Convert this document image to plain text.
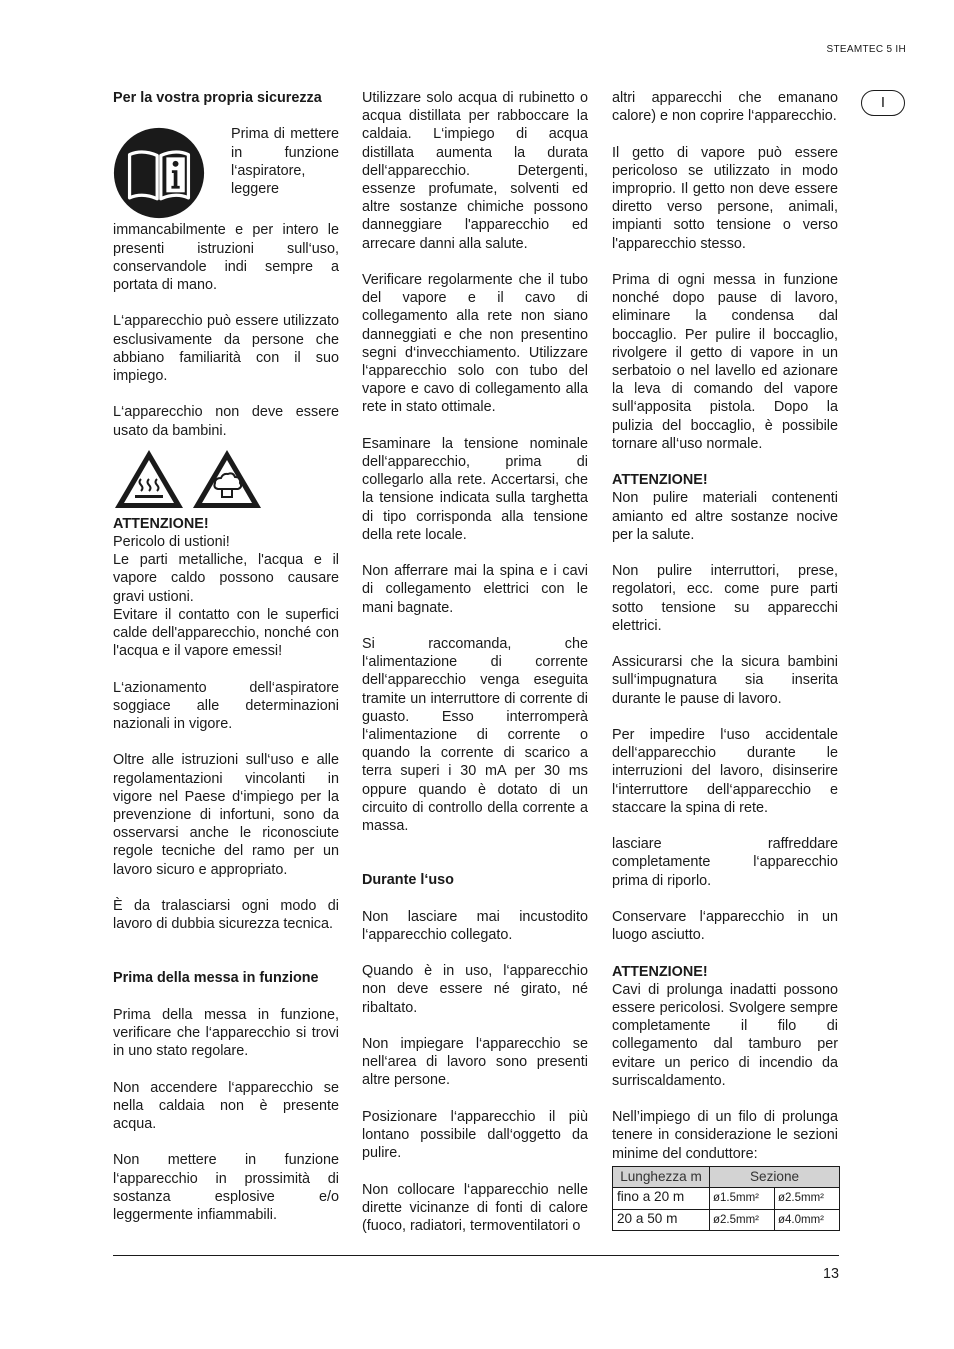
STEAMTEC 5 IH
I
Per la vostra propria sicurezza

Prima di mettere in funzione l‘aspiratore, leggere immancabilmente e per intero le presenti istruzioni sull‘uso, conservandole indi sempre a portata di mano.

L‘apparecchio può essere utilizzato esclusivamente da persone che abbiano familiarità con il suo impiego.

L‘apparecchio non deve essere usato da bambini.

ATTENZIONE!
Pericolo di ustioni!
Le parti metalliche, l'acqua e il vapore caldo possono causare gravi ustioni.
Evitare il contatto con le superfici calde dell'apparecchio, nonché con l'acqua e il vapore emessi!

L‘azionamento dell‘aspiratore soggiace alle determinazioni nazionali in vigore.

Oltre alle istruzioni sull‘uso e alle regolamentazioni vincolanti in vigore nel Paese d‘impiego per la prevenzione di infortuni, sono da osservarsi anche le riconosciute regole tecniche del ramo per un lavoro sicuro e appropriato.

È da tralasciarsi ogni modo di lavoro di dubbia sicurezza tecnica.

Prima della messa in funzione

Prima della messa in funzione, verificare che l‘apparecchio si trovi in uno stato regolare.

Non accendere l‘apparecchio se nella caldaia non è presente acqua.

Non mettere in funzione l‘apparecchio in prossimità di sostanza esplosive e/o leggermente infiammabili.

Utilizzare solo acqua di rubinetto o acqua distillata per rabboccare la caldaia. L‘impiego di acqua distillata aumenta la durata dell‘apparecchio. Detergenti, essenze profumate, solventi ed altre sostanze chimiche possono danneggiare l'apparecchio ed arrecare danni alla salute.

Verificare regolarmente che il tubo del vapore e il cavo di collegamento alla rete non siano danneggiati e che non presentino segni d‘invecchiamento. Utilizzare l‘apparecchio solo con tubo del vapore e cavo di collegamento alla rete in stato ottimale.

Esaminare la tensione nominale dell‘apparecchio, prima di collegarlo alla rete. Accertarsi, che la tensione indicata sulla targhetta di tipo corrisponda alla tensione della rete locale.

Non afferrare mai la spina e i cavi di collegamento elettrici con le mani bagnate.

Si raccomanda, che l‘alimentazione di corrente dell‘apparecchio venga eseguita tramite un interruttore di corrente di guasto. Esso interromperà l‘alimentazione di corrente o quando la corrente di scarico a terra superi i 30 mA per 30 ms oppure quando è dotato di un circuito di controllo della corrente a massa.

Durante l‘uso

Non lasciare mai incustodito l‘apparecchio collegato.

Quando è in uso, l‘apparecchio non deve essere né girato, né ribaltato.

Non impiegare l‘apparecchio se nell‘area di lavoro sono presenti altre persone.

Posizionare l‘apparecchio il più lontano possibile dall‘oggetto da pulire.

Non collocare l‘apparecchio nelle dirette vicinanze di fonti di calore (fuoco, radiatori, termoventilatori o

altri apparecchi che emanano calore) e non coprire l‘apparecchio.

Il getto di vapore può essere pericoloso se utilizzato in modo improprio. Il getto non deve essere diretto verso persone, animali, impianti sotto tensione o verso l'apparecchio stesso.

Prima di ogni messa in funzione nonché dopo pause di lavoro, eliminare la condensa dal boccaglio. Per pulire il boccaglio, rivolgere il getto di vapore in un serbatoio o nel lavello ed azionare la leva di comando del vapore sull‘apposita pistola. Dopo la pulizia del boccaglio, è possibile tornare all‘uso normale.

ATTENZIONE!

Non pulire materiali contenenti amianto ed altre sostanze nocive per la salute.

Non pulire interruttori, prese, regolatori, ecc. come pure parti sotto tensione su apparecchi elettrici.

Assicurarsi che la sicura bambini sull‘impugnatura sia inserita durante le pause di lavoro.

Per impedire l‘uso accidentale dell‘apparecchio durante le interruzioni del lavoro, disinserire l‘interruttore dell‘apparecchio e staccare la spina di rete.

lasciare raffreddare completamente l‘apparecchio prima di riporlo.

Conservare l‘apparecchio in un luogo asciutto.

ATTENZIONE!

Cavi di prolunga inadatti possono essere pericolosi. Svolgere sempre completamente il filo di collegamento dal tamburo per evitare un perico di incendio da surriscaldamento.

Nell’impiego di un filo di prolunga tenere in considerazione le sezioni minime del conduttore:

Lunghezza m	Sezione	
fino a 20 m	ø1.5mm²	ø2.5mm²
20 a 50 m	ø2.5mm²	ø4.0mm²
13
